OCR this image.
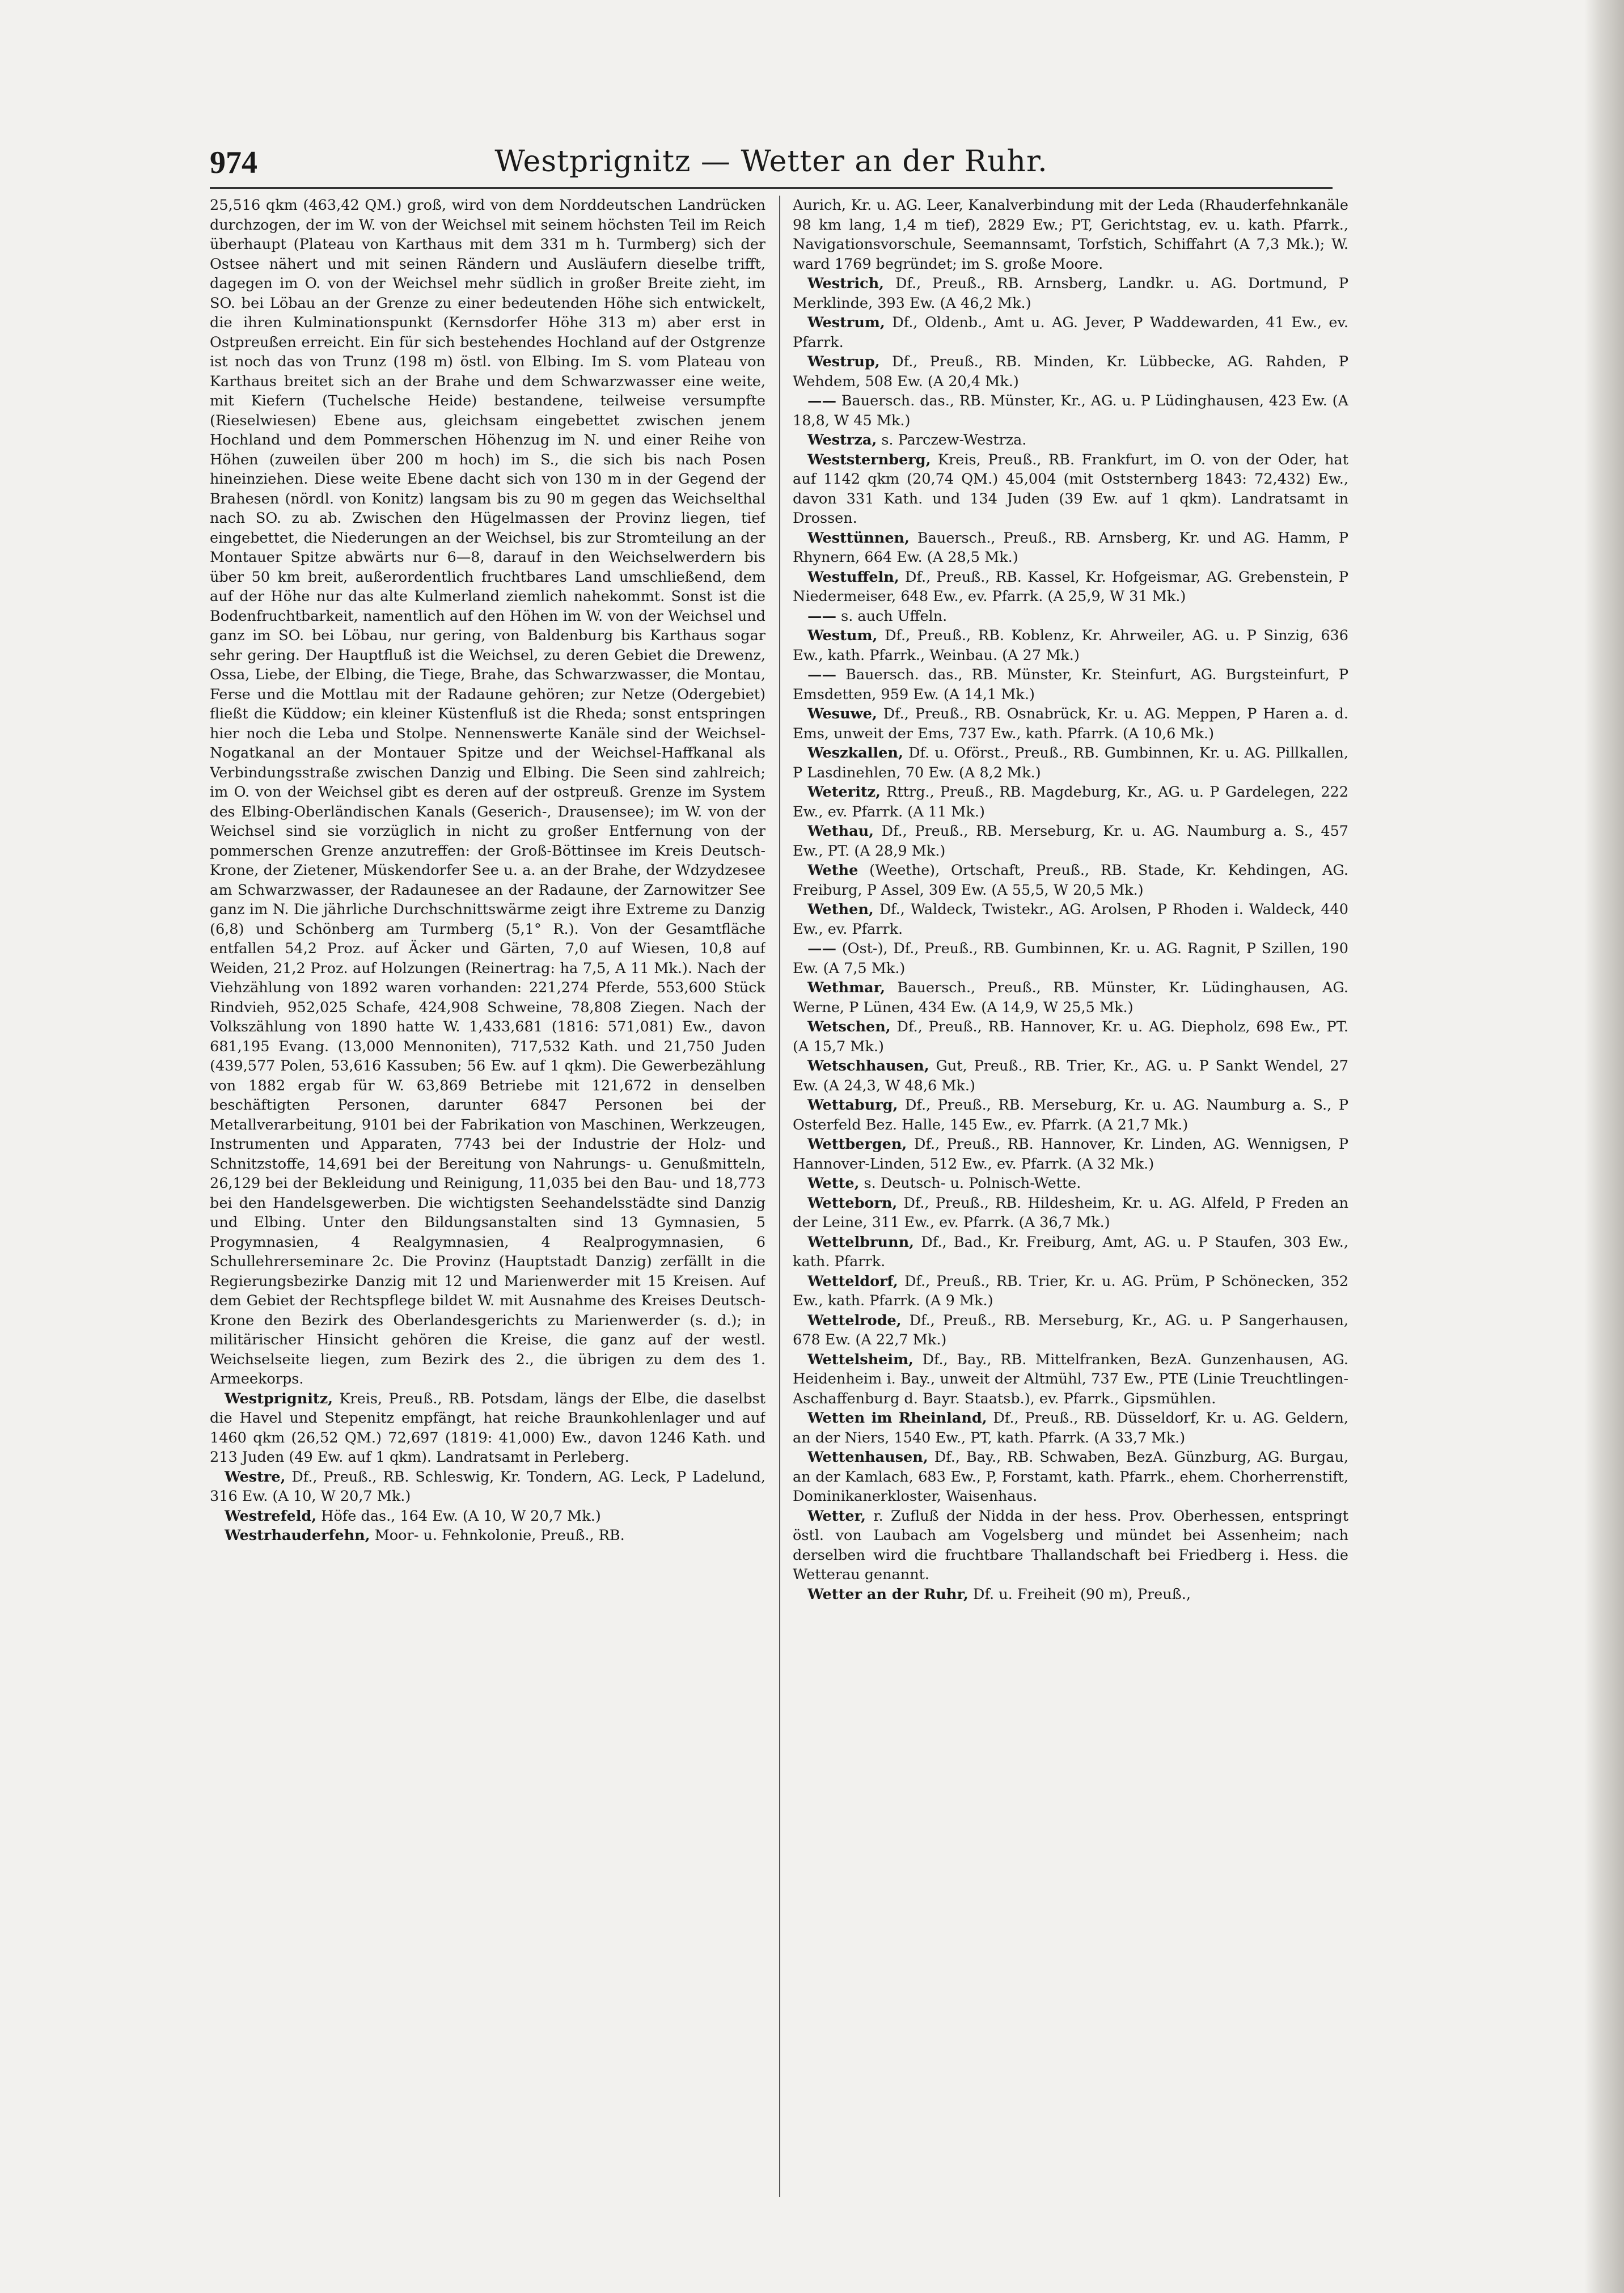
974	Westprignitz — Wetter an der Ruhr.

25,516 qkm (463,42 QM.) groß, wird von dem Norddeutschen Landrücken durchzogen, der im W. von der Weichsel mit seinem höchsten Teil im Reich überhaupt (Plateau von Karthaus mit dem 331 m h. Turmberg) sich der Ostsee nähert und mit seinen Rändern und Ausläufern dieselbe trifft, dagegen im O. von der Weichsel mehr südlich in großer Breite zieht, im SO. bei Löbau an der Grenze zu einer bedeutenden Höhe sich entwickelt, die ihren Kulminationspunkt (Kernsdorfer Höhe 313 m) aber erst in Ostpreußen erreicht. Ein für sich bestehendes Hochland auf der Ostgrenze ist noch das von Trunz (198 m) östl. von Elbing. Im S. vom Plateau von Karthaus breitet sich an der Brahe und dem Schwarzwasser eine weite, mit Kiefern (Tuchelsche Heide) bestandene, teilweise versumpfte (Rieselwiesen) Ebene aus, gleichsam eingebettet zwischen jenem Hochland und dem Pommerschen Höhenzug im N. und einer Reihe von Höhen (zuweilen über 200 m hoch) im S., die sich bis nach Posen hineinziehen. Diese weite Ebene dacht sich von 130 m in der Gegend der Brahesen (nördl. von Konitz) langsam bis zu 90 m gegen das Weichselthal nach SO. zu ab. Zwischen den Hügelmassen der Provinz liegen, tief eingebettet, die Niederungen an der Weichsel, bis zur Stromteilung an der Montauer Spitze abwärts nur 6—8, darauf in den Weichselwerdern bis über 50 km breit, außerordentlich fruchtbares Land umschließend, dem auf der Höhe nur das alte Kulmerland ziemlich nahekommt. Sonst ist die Bodenfruchtbarkeit, namentlich auf den Höhen im W. von der Weichsel und ganz im SO. bei Löbau, nur gering, von Baldenburg bis Karthaus sogar sehr gering. Der Hauptfluß ist die Weichsel, zu deren Gebiet die Drewenz, Ossa, Liebe, der Elbing, die Tiege, Brahe, das Schwarzwasser, die Montau, Ferse und die Mottlau mit der Radaune gehören; zur Netze (Odergebiet) fließt die Küddow; ein kleiner Küstenfluß ist die Rheda; sonst entspringen hier noch die Leba und Stolpe. Nennenswerte Kanäle sind der Weichsel-Nogatkanal an der Montauer Spitze und der Weichsel-Haffkanal als Verbindungsstraße zwischen Danzig und Elbing. Die Seen sind zahlreich; im O. von der Weichsel gibt es deren auf der ostpreuß. Grenze im System des Elbing-Oberländischen Kanals (Geserich-, Drausensee); im W. von der Weichsel sind sie vorzüglich in nicht zu großer Entfernung von der pommerschen Grenze anzutreffen: der Groß-Böttinsee im Kreis Deutsch-Krone, der Zietener, Müskendorfer See u. a. an der Brahe, der Wdzydzesee am Schwarzwasser, der Radaunesee an der Radaune, der Zarnowitzer See ganz im N. Die jährliche Durchschnittswärme zeigt ihre Extreme zu Danzig (6,8) und Schönberg am Turmberg (5,1° R.). Von der Gesamtfläche entfallen 54,2 Proz. auf Äcker und Gärten, 7,0 auf Wiesen, 10,8 auf Weiden, 21,2 Proz. auf Holzungen (Reinertrag: ha 7,5, A 11 Mk.). Nach der Viehzählung von 1892 waren vorhanden: 221,274 Pferde, 553,600 Stück Rindvieh, 952,025 Schafe, 424,908 Schweine, 78,808 Ziegen. Nach der Volkszählung von 1890 hatte W. 1,433,681 (1816: 571,081) Ew., davon 681,195 Evang. (13,000 Mennoniten), 717,532 Kath. und 21,750 Juden (439,577 Polen, 53,616 Kassuben; 56 Ew. auf 1 qkm). Die Gewerbezählung von 1882 ergab für W. 63,869 Betriebe mit 121,672 in denselben beschäftigten Personen, darunter 6847 Personen bei der Metallverarbeitung, 9101 bei der Fabrikation von Maschinen, Werkzeugen, Instrumenten und Apparaten, 7743 bei der Industrie der Holz- und Schnitzstoffe, 14,691 bei der Bereitung von Nahrungs- u. Genußmitteln, 26,129 bei der Bekleidung und Reinigung, 11,035 bei den Bau- und 18,773 bei den Handelsgewerben. Die wichtigsten Seehandelsstädte sind Danzig und Elbing. Unter den Bildungsanstalten sind 13 Gymnasien, 5 Progymnasien, 4 Realgymnasien, 4 Realprogymnasien, 6 Schullehrerseminare 2c. Die Provinz (Hauptstadt Danzig) zerfällt in die Regierungsbezirke Danzig mit 12 und Marienwerder mit 15 Kreisen. Auf dem Gebiet der Rechtspflege bildet W. mit Ausnahme des Kreises Deutsch-Krone den Bezirk des Oberlandesgerichts zu Marienwerder (s. d.); in militärischer Hinsicht gehören die Kreise, die ganz auf der westl. Weichselseite liegen, zum Bezirk des 2., die übrigen zu dem des 1. Armeekorps.

Westprignitz, Kreis, Preuß., RB. Potsdam, längs der Elbe, die daselbst die Havel und Stepenitz empfängt, hat reiche Braunkohlenlager und auf 1460 qkm (26,52 QM.) 72,697 (1819: 41,000) Ew., davon 1246 Kath. und 213 Juden (49 Ew. auf 1 qkm). Landratsamt in Perleberg.

Westre, Df., Preuß., RB. Schleswig, Kr. Tondern, AG. Leck, P Ladelund, 316 Ew. (A 10, W 20,7 Mk.)

Westrefeld, Höfe das., 164 Ew. (A 10, W 20,7 Mk.)

Westrhauderfehn, Moor- u. Fehnkolonie, Preuß., RB.

Aurich, Kr. u. AG. Leer, Kanalverbindung mit der Leda (Rhauderfehnkanäle 98 km lang, 1,4 m tief), 2829 Ew.; PT, Gerichtstag, ev. u. kath. Pfarrk., Navigationsvorschule, Seemannsamt, Torfstich, Schiffahrt (A 7,3 Mk.); W. ward 1769 begründet; im S. große Moore.

Westrich, Df., Preuß., RB. Arnsberg, Landkr. u. AG. Dortmund, P Merklinde, 393 Ew. (A 46,2 Mk.)

Westrum, Df., Oldenb., Amt u. AG. Jever, P Waddewarden, 41 Ew., ev. Pfarrk.

Westrup, Df., Preuß., RB. Minden, Kr. Lübbecke, AG. Rahden, P Wehdem, 508 Ew. (A 20,4 Mk.)

—— Bauersch. das., RB. Münster, Kr., AG. u. P Lüdinghausen, 423 Ew. (A 18,8, W 45 Mk.)

Westrza, s. Parczew-Westrza.

Weststernberg, Kreis, Preuß., RB. Frankfurt, im O. von der Oder, hat auf 1142 qkm (20,74 QM.) 45,004 (mit Oststernberg 1843: 72,432) Ew., davon 331 Kath. und 134 Juden (39 Ew. auf 1 qkm). Landratsamt in Drossen.

Westtünnen, Bauersch., Preuß., RB. Arnsberg, Kr. und AG. Hamm, P Rhynern, 664 Ew. (A 28,5 Mk.)

Westuffeln, Df., Preuß., RB. Kassel, Kr. Hofgeismar, AG. Grebenstein, P Niedermeiser, 648 Ew., ev. Pfarrk. (A 25,9, W 31 Mk.)

—— s. auch Uffeln.

Westum, Df., Preuß., RB. Koblenz, Kr. Ahrweiler, AG. u. P Sinzig, 636 Ew., kath. Pfarrk., Weinbau. (A 27 Mk.)

—— Bauersch. das., RB. Münster, Kr. Steinfurt, AG. Burgsteinfurt, P Emsdetten, 959 Ew. (A 14,1 Mk.)

Wesuwe, Df., Preuß., RB. Osnabrück, Kr. u. AG. Meppen, P Haren a. d. Ems, unweit der Ems, 737 Ew., kath. Pfarrk. (A 10,6 Mk.)

Weszkallen, Df. u. Oförst., Preuß., RB. Gumbinnen, Kr. u. AG. Pillkallen, P Lasdinehlen, 70 Ew. (A 8,2 Mk.)

Weteritz, Rttrg., Preuß., RB. Magdeburg, Kr., AG. u. P Gardelegen, 222 Ew., ev. Pfarrk. (A 11 Mk.)

Wethau, Df., Preuß., RB. Merseburg, Kr. u. AG. Naumburg a. S., 457 Ew., PT. (A 28,9 Mk.)

Wethe (Weethe), Ortschaft, Preuß., RB. Stade, Kr. Kehdingen, AG. Freiburg, P Assel, 309 Ew. (A 55,5, W 20,5 Mk.)

Wethen, Df., Waldeck, Twistekr., AG. Arolsen, P Rhoden i. Waldeck, 440 Ew., ev. Pfarrk.

—— (Ost-), Df., Preuß., RB. Gumbinnen, Kr. u. AG. Ragnit, P Szillen, 190 Ew. (A 7,5 Mk.)

Wethmar, Bauersch., Preuß., RB. Münster, Kr. Lüdinghausen, AG. Werne, P Lünen, 434 Ew. (A 14,9, W 25,5 Mk.)

Wetschen, Df., Preuß., RB. Hannover, Kr. u. AG. Diepholz, 698 Ew., PT. (A 15,7 Mk.)

Wetschhausen, Gut, Preuß., RB. Trier, Kr., AG. u. P Sankt Wendel, 27 Ew. (A 24,3, W 48,6 Mk.)

Wettaburg, Df., Preuß., RB. Merseburg, Kr. u. AG. Naumburg a. S., P Osterfeld Bez. Halle, 145 Ew., ev. Pfarrk. (A 21,7 Mk.)

Wettbergen, Df., Preuß., RB. Hannover, Kr. Linden, AG. Wennigsen, P Hannover-Linden, 512 Ew., ev. Pfarrk. (A 32 Mk.)

Wette, s. Deutsch- u. Polnisch-Wette.

Wetteborn, Df., Preuß., RB. Hildesheim, Kr. u. AG. Alfeld, P Freden an der Leine, 311 Ew., ev. Pfarrk. (A 36,7 Mk.)

Wettelbrunn, Df., Bad., Kr. Freiburg, Amt, AG. u. P Staufen, 303 Ew., kath. Pfarrk.

Wetteldorf, Df., Preuß., RB. Trier, Kr. u. AG. Prüm, P Schönecken, 352 Ew., kath. Pfarrk. (A 9 Mk.)

Wettelrode, Df., Preuß., RB. Merseburg, Kr., AG. u. P Sangerhausen, 678 Ew. (A 22,7 Mk.)

Wettelsheim, Df., Bay., RB. Mittelfranken, BezA. Gunzenhausen, AG. Heidenheim i. Bay., unweit der Altmühl, 737 Ew., PTE (Linie Treuchtlingen-Aschaffenburg d. Bayr. Staatsb.), ev. Pfarrk., Gipsmühlen.

Wetten im Rheinland, Df., Preuß., RB. Düsseldorf, Kr. u. AG. Geldern, an der Niers, 1540 Ew., PT, kath. Pfarrk. (A 33,7 Mk.)

Wettenhausen, Df., Bay., RB. Schwaben, BezA. Günzburg, AG. Burgau, an der Kamlach, 683 Ew., P, Forstamt, kath. Pfarrk., ehem. Chorherrenstift, Dominikanerkloster, Waisenhaus.

Wetter, r. Zufluß der Nidda in der hess. Prov. Oberhessen, entspringt östl. von Laubach am Vogelsberg und mündet bei Assenheim; nach derselben wird die fruchtbare Thallandschaft bei Friedberg i. Hess. die Wetterau genannt.

Wetter an der Ruhr, Df. u. Freiheit (90 m), Preuß.,
